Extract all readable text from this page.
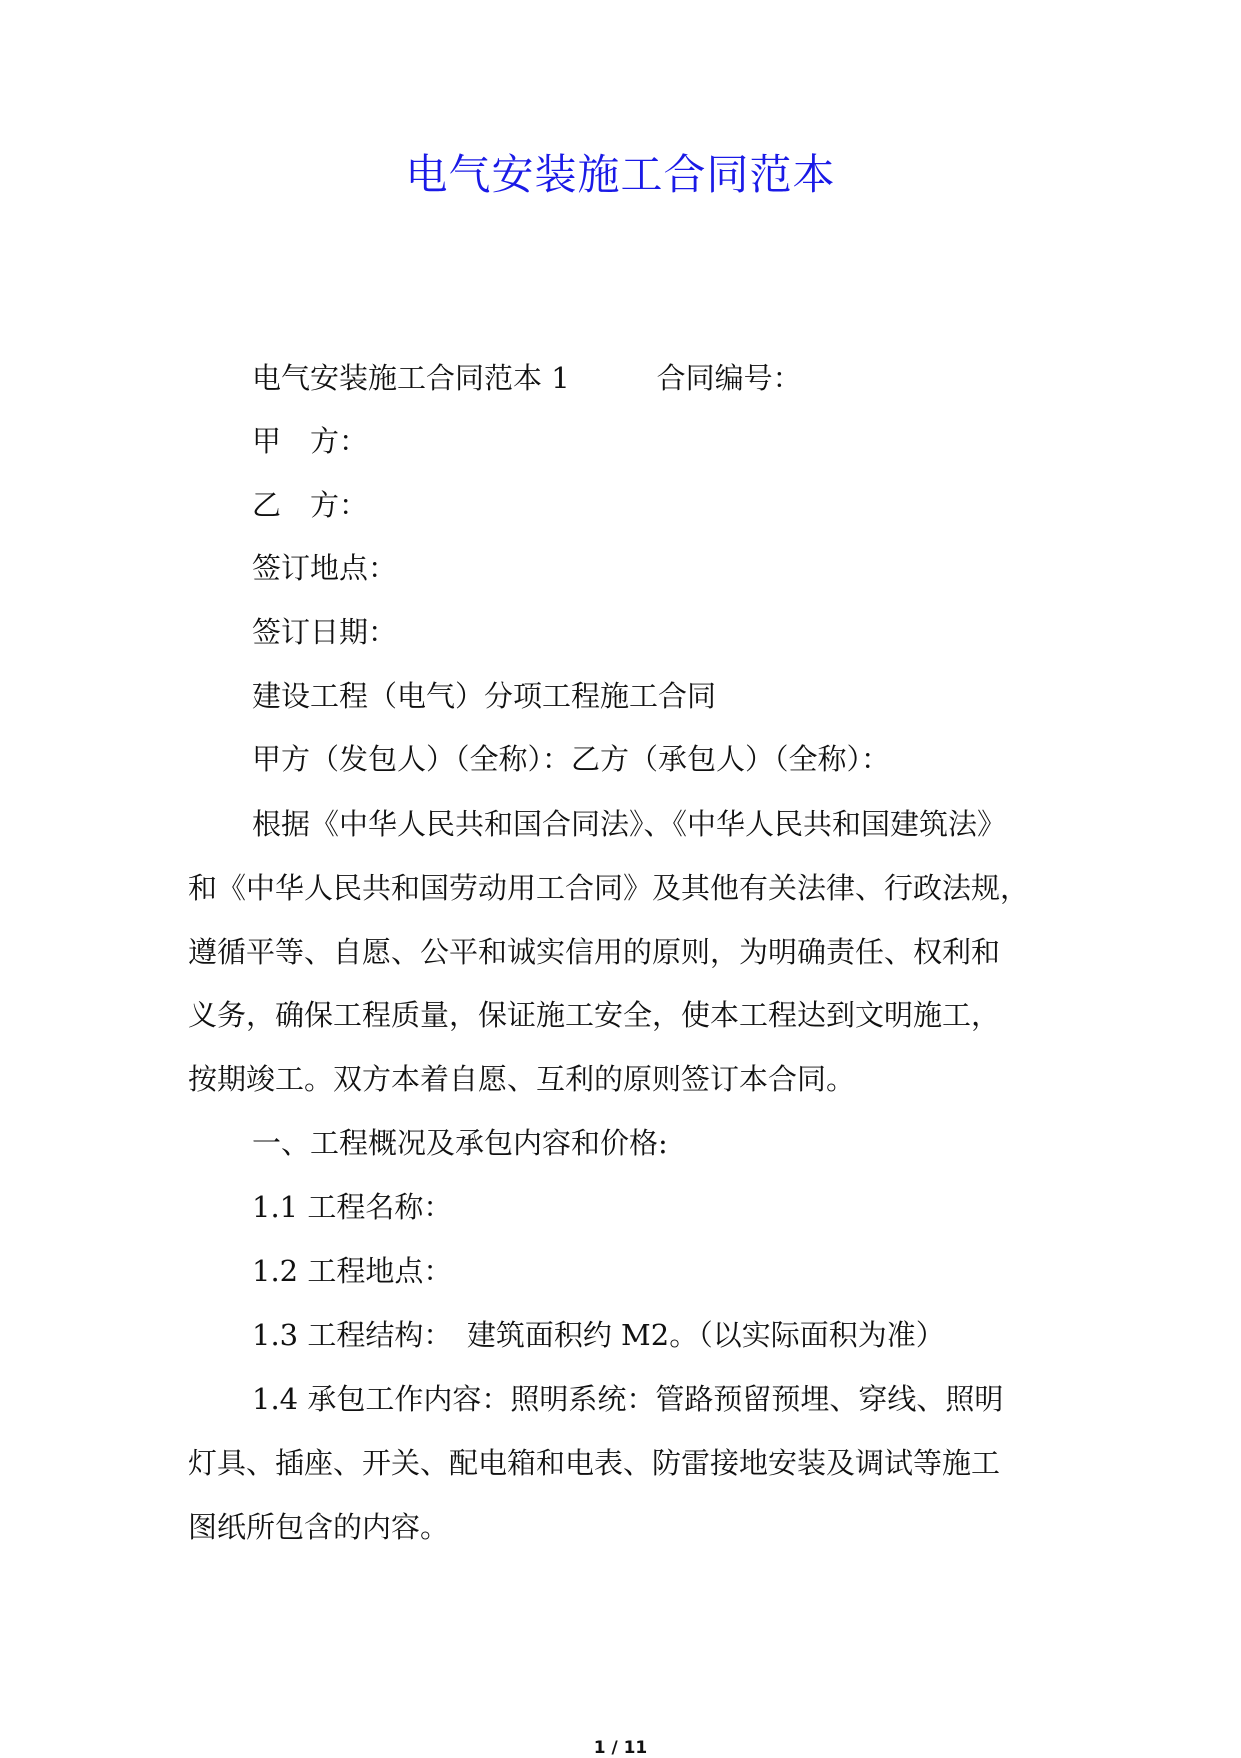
电气安装施工合同范本
电气安装施工合同范本 1　　　合同编号：
甲　方：
乙　方：
签订地点：
签订日期：
建设工程（电气）分项工程施工合同
甲方（发包人）（全称）：乙方（承包人）（全称）：
根据《中华人民共和国合同法》、《中华人民共和国建筑法》
和《中华人民共和国劳动用工合同》及其他有关法律、行政法规，
遵循平等、自愿、公平和诚实信用的原则，为明确责任、权利和
义务，确保工程质量，保证施工安全，使本工程达到文明施工，
按期竣工。双方本着自愿、互利的原则签订本合同。
一、工程概况及承包内容和价格:
1.1 工程名称：
1.2 工程地点：
1.3 工程结构：　建筑面积约 M2。（以实际面积为准）
1.4 承包工作内容：照明系统：管路预留预埋、穿线、照明
灯具、插座、开关、配电箱和电表、防雷接地安装及调试等施工
图纸所包含的内容。
1 / 11
